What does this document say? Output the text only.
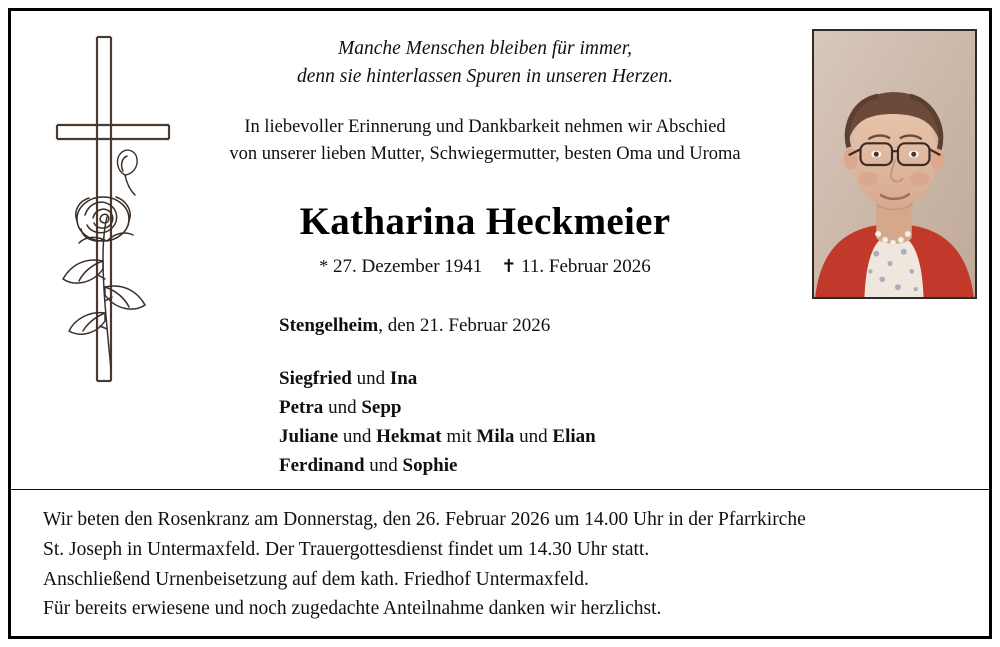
Manche Menschen bleiben für immer,
denn sie hinterlassen Spuren in unseren Herzen.
In liebevoller Erinnerung und Dankbarkeit nehmen wir Abschied
von unserer lieben Mutter, Schwiegermutter, besten Oma und Uroma
Katharina Heckmeier
* 27. Dezember 1941 ✝ 11. Februar 2026
Stengelheim, den 21. Februar 2026
Siegfried und Ina
Petra und Sepp
Juliane und Hekmat mit Mila und Elian
Ferdinand und Sophie
Wir beten den Rosenkranz am Donnerstag, den 26. Februar 2026 um 14.00 Uhr in der Pfarrkirche
St. Joseph in Untermaxfeld. Der Trauergottesdienst findet um 14.30 Uhr statt.
Anschließend Urnenbeisetzung auf dem kath. Friedhof Untermaxfeld.
Für bereits erwiesene und noch zugedachte Anteilnahme danken wir herzlichst.
